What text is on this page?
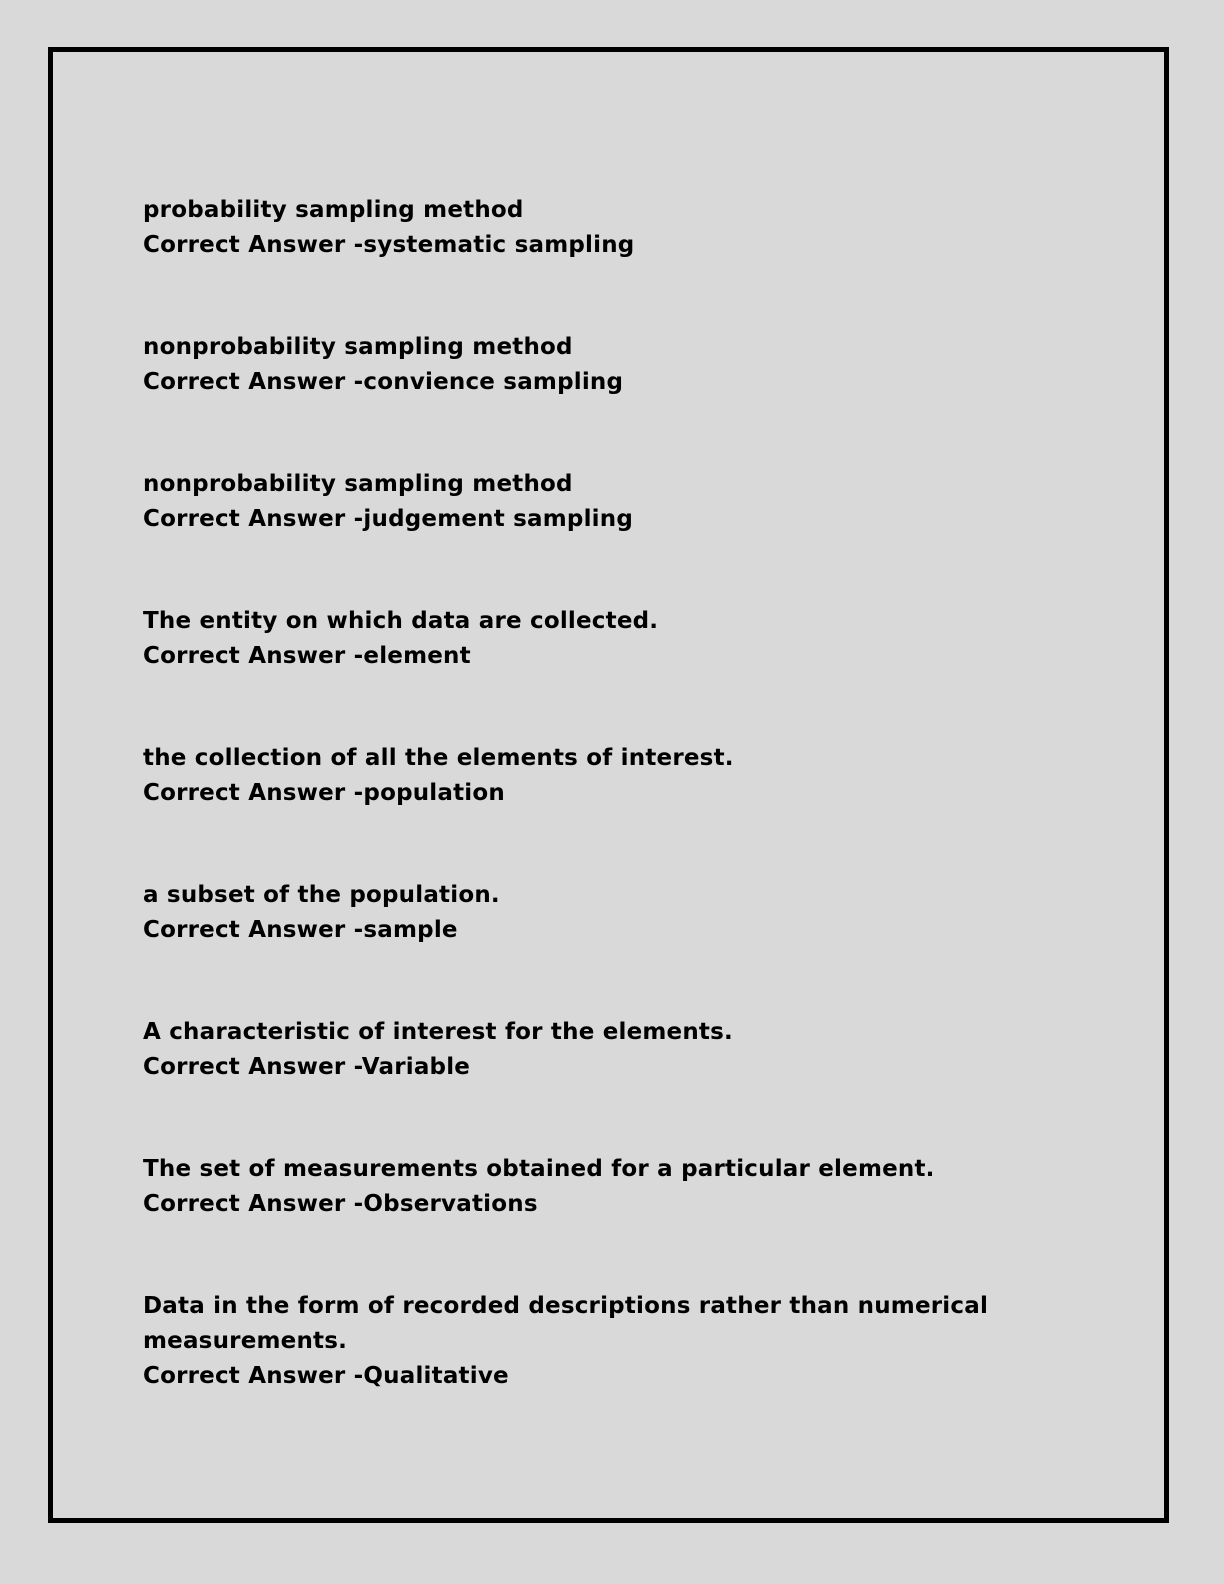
probability sampling method
Correct Answer -systematic sampling
nonprobability sampling method
Correct Answer -convience sampling
nonprobability sampling method
Correct Answer -judgement sampling
The entity on which data are collected.
Correct Answer -element
the collection of all the elements of interest.
Correct Answer -population
a subset of the population.
Correct Answer -sample
A characteristic of interest for the elements.
Correct Answer -Variable
The set of measurements obtained for a particular element.
Correct Answer -Observations
Data in the form of recorded descriptions rather than numerical measurements.
Correct Answer -Qualitative
